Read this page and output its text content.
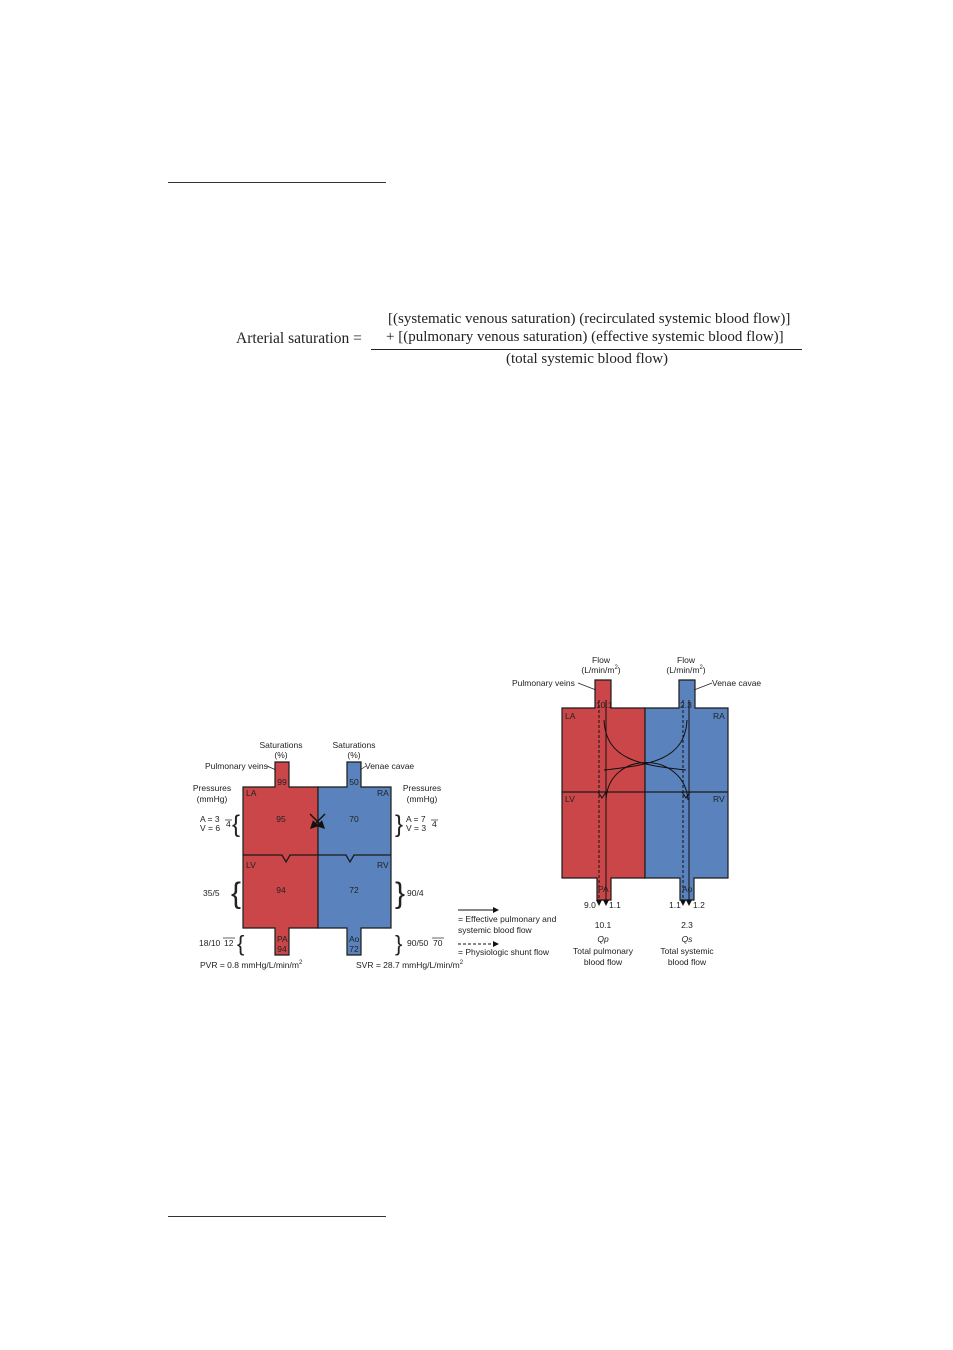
Arterial saturation =
[(systematic venous saturation) (recirculated systemic blood flow)]
+ [(pulmonary venous saturation) (effective systemic blood flow)]
(total systemic blood flow)
Saturations
(%)
Saturations
(%)
Pulmonary veins	Venae cavae
Pressures
(mmHg)
Pressures
(mmHg)
LA	RA
LV	RV
PA	Ao
99	50
95	70
94	72
94	72
A = 3
V = 6 4 {	} A = 7
V = 3 4
35/5 {	} 90/4
18/10 12 {	} 90/50 70
PVR = 0.8 mmHg/$L/\min/m^2$	SVR = 28.7 mmHg/$L/\min/m^2$
= Effective pulmonary and
systemic blood flow
= Physiologic shunt flow
Flow
$(L/\min/m^2)$
Flow
$(L/\min/m^2)$
Pulmonary veins	Venae cavae
LA	RA
LV	RV
PA	Ao
10.1	2.3
9.0 1.1	1.1 1.2
10.1	2.3
Qp	Qs
Total pulmonary
blood flow
Total systemic
blood flow
